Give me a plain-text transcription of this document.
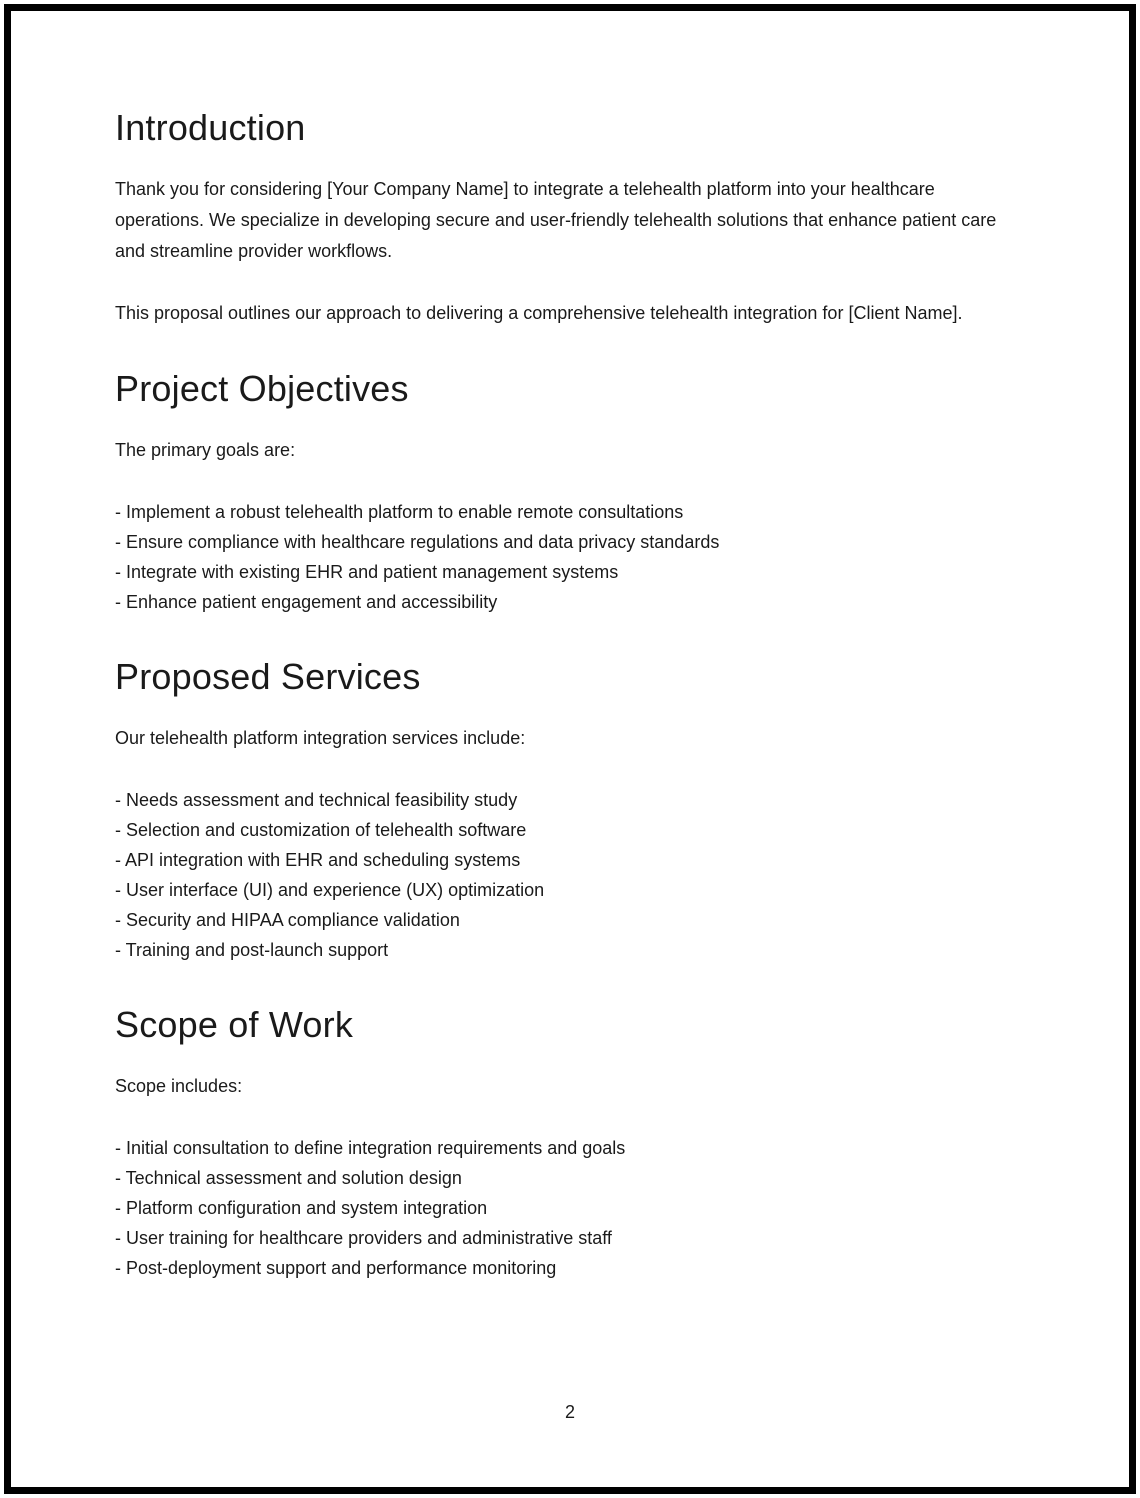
Introduction

Thank you for considering [Your Company Name] to integrate a telehealth platform into your healthcare operations. We specialize in developing secure and user-friendly telehealth solutions that enhance patient care and streamline provider workflows.

This proposal outlines our approach to delivering a comprehensive telehealth integration for [Client Name].

Project Objectives

The primary goals are:

- Implement a robust telehealth platform to enable remote consultations
- Ensure compliance with healthcare regulations and data privacy standards
- Integrate with existing EHR and patient management systems
- Enhance patient engagement and accessibility
Proposed Services

Our telehealth platform integration services include:

- Needs assessment and technical feasibility study
- Selection and customization of telehealth software
- API integration with EHR and scheduling systems
- User interface (UI) and experience (UX) optimization
- Security and HIPAA compliance validation
- Training and post-launch support
Scope of Work

Scope includes:

- Initial consultation to define integration requirements and goals
- Technical assessment and solution design
- Platform configuration and system integration
- User training for healthcare providers and administrative staff
- Post-deployment support and performance monitoring
2
